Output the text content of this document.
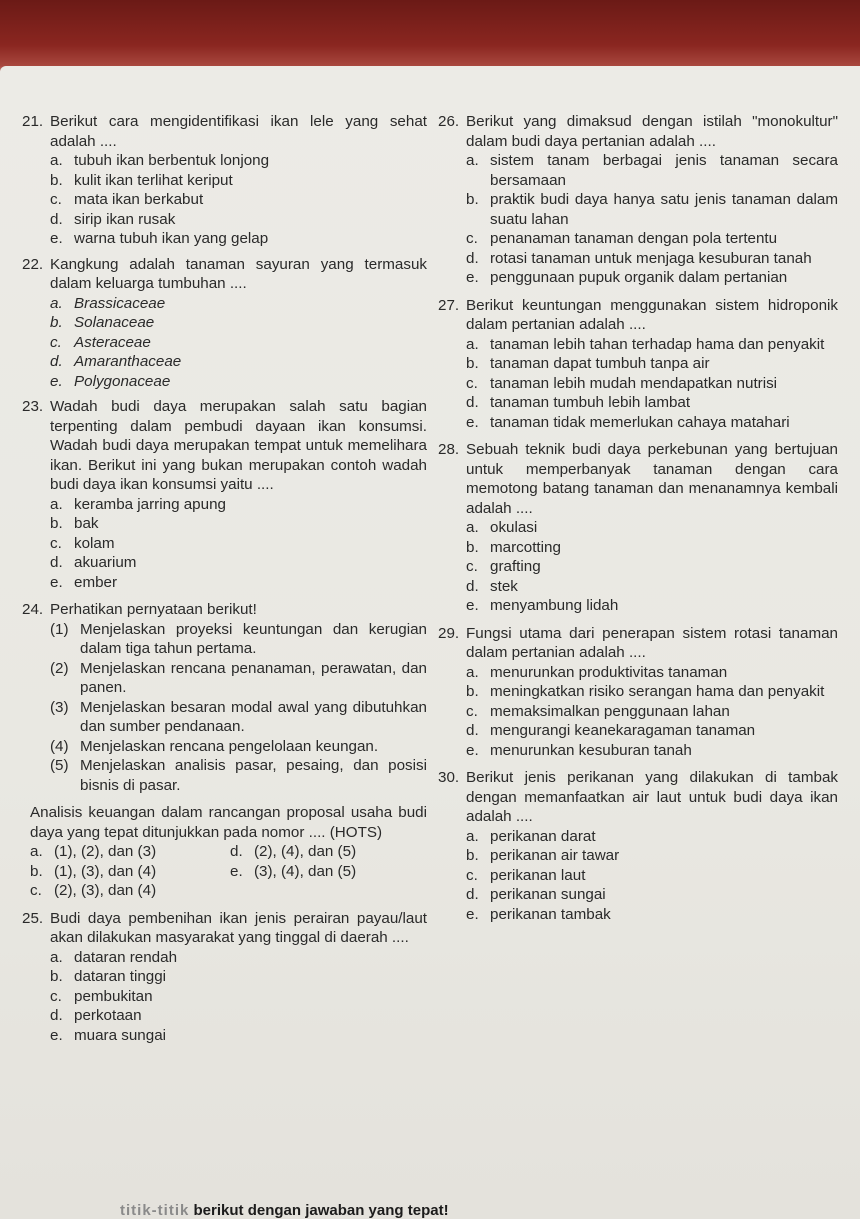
21. Berikut cara mengidentifikasi ikan lele yang sehat adalah ....
a. tubuh ikan berbentuk lonjong
b. kulit ikan terlihat keriput
c. mata ikan berkabut
d. sirip ikan rusak
e. warna tubuh ikan yang gelap
22. Kangkung adalah tanaman sayuran yang termasuk dalam keluarga tumbuhan ....
a. Brassicaceae
b. Solanaceae
c. Asteraceae
d. Amaranthaceae
e. Polygonaceae
23. Wadah budi daya merupakan salah satu bagian terpenting dalam pembudi dayaan ikan konsumsi. Wadah budi daya merupakan tempat untuk memelihara ikan. Berikut ini yang bukan merupakan contoh wadah budi daya ikan konsumsi yaitu ....
a. keramba jarring apung
b. bak
c. kolam
d. akuarium
e. ember
24. Perhatikan pernyataan berikut!
(1) Menjelaskan proyeksi keuntungan dan kerugian dalam tiga tahun pertama.
(2) Menjelaskan rencana penanaman, perawatan, dan panen.
(3) Menjelaskan besaran modal awal yang dibutuhkan dan sumber pendanaan.
(4) Menjelaskan rencana pengelolaan keungan.
(5) Menjelaskan analisis pasar, pesaing, dan posisi bisnis di pasar.
Analisis keuangan dalam rancangan proposal usaha budi daya yang tepat ditunjukkan pada nomor .... (HOTS)
a. (1), (2), dan (3)	d. (2), (4), dan (5)
b. (1), (3), dan (4)	e. (3), (4), dan (5)
c. (2), (3), dan (4)
25. Budi daya pembenihan ikan jenis perairan payau/laut akan dilakukan masyarakat yang tinggal di daerah ....
a. dataran rendah
b. dataran tinggi
c. pembukitan
d. perkotaan
e. muara sungai
26. Berikut yang dimaksud dengan istilah "monokultur" dalam budi daya pertanian adalah ....
a. sistem tanam berbagai jenis tanaman secara bersamaan
b. praktik budi daya hanya satu jenis tanaman dalam suatu lahan
c. penanaman tanaman dengan pola tertentu
d. rotasi tanaman untuk menjaga kesuburan tanah
e. penggunaan pupuk organik dalam pertanian
27. Berikut keuntungan menggunakan sistem hidroponik dalam pertanian adalah ....
a. tanaman lebih tahan terhadap hama dan penyakit
b. tanaman dapat tumbuh tanpa air
c. tanaman lebih mudah mendapatkan nutrisi
d. tanaman tumbuh lebih lambat
e. tanaman tidak memerlukan cahaya matahari
28. Sebuah teknik budi daya perkebunan yang bertujuan untuk memperbanyak tanaman dengan cara memotong batang tanaman dan menanamnya kembali adalah ....
a. okulasi
b. marcotting
c. grafting
d. stek
e. menyambung lidah
29. Fungsi utama dari penerapan sistem rotasi tanaman dalam pertanian adalah ....
a. menurunkan produktivitas tanaman
b. meningkatkan risiko serangan hama dan penyakit
c. memaksimalkan penggunaan lahan
d. mengurangi keanekaragaman tanaman
e. menurunkan kesuburan tanah
30. Berikut jenis perikanan yang dilakukan di tambak dengan memanfaatkan air laut untuk budi daya ikan adalah ....
a. perikanan darat
b. perikanan air tawar
c. perikanan laut
d. perikanan sungai
e. perikanan tambak
titik-titik berikut dengan jawaban yang tepat!
